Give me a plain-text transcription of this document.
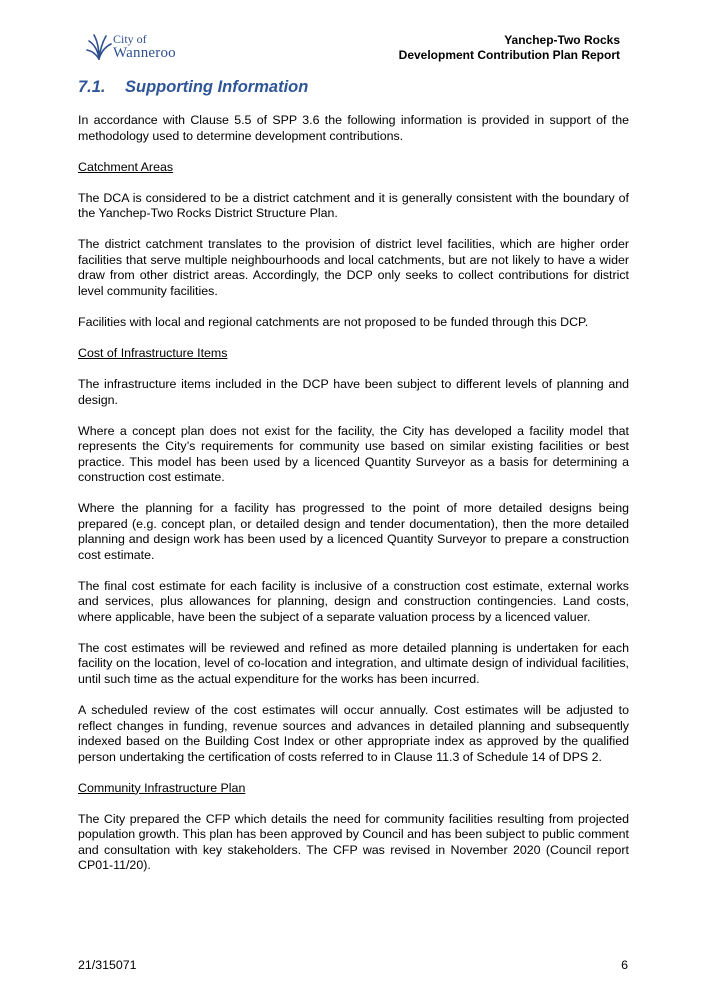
City of
Wanneroo
Yanchep-Two Rocks
Development Contribution Plan Report
7.1. Supporting Information

In accordance with Clause 5.5 of SPP 3.6 the following information is provided in support of the methodology used to determine development contributions.

Catchment Areas

The DCA is considered to be a district catchment and it is generally consistent with the boundary of the Yanchep-Two Rocks District Structure Plan.

The district catchment translates to the provision of district level facilities, which are higher order facilities that serve multiple neighbourhoods and local catchments, but are not likely to have a wider draw from other district areas. Accordingly, the DCP only seeks to collect contributions for district level community facilities.

Facilities with local and regional catchments are not proposed to be funded through this DCP.

Cost of Infrastructure Items

The infrastructure items included in the DCP have been subject to different levels of planning and design.

Where a concept plan does not exist for the facility, the City has developed a facility model that represents the City’s requirements for community use based on similar existing facilities or best practice. This model has been used by a licenced Quantity Surveyor as a basis for determining a construction cost estimate.

Where the planning for a facility has progressed to the point of more detailed designs being prepared (e.g. concept plan, or detailed design and tender documentation), then the more detailed planning and design work has been used by a licenced Quantity Surveyor to prepare a construction cost estimate.

The final cost estimate for each facility is inclusive of a construction cost estimate, external works and services, plus allowances for planning, design and construction contingencies. Land costs, where applicable, have been the subject of a separate valuation process by a licenced valuer.

The cost estimates will be reviewed and refined as more detailed planning is undertaken for each facility on the location, level of co-location and integration, and ultimate design of individual facilities, until such time as the actual expenditure for the works has been incurred.

A scheduled review of the cost estimates will occur annually. Cost estimates will be adjusted to reflect changes in funding, revenue sources and advances in detailed planning and subsequently indexed based on the Building Cost Index or other appropriate index as approved by the qualified person undertaking the certification of costs referred to in Clause 11.3 of Schedule 14 of DPS 2.

Community Infrastructure Plan

The City prepared the CFP which details the need for community facilities resulting from projected population growth. This plan has been approved by Council and has been subject to public comment and consultation with key stakeholders. The CFP was revised in November 2020 (Council report CP01-11/20).

21/315071	6
